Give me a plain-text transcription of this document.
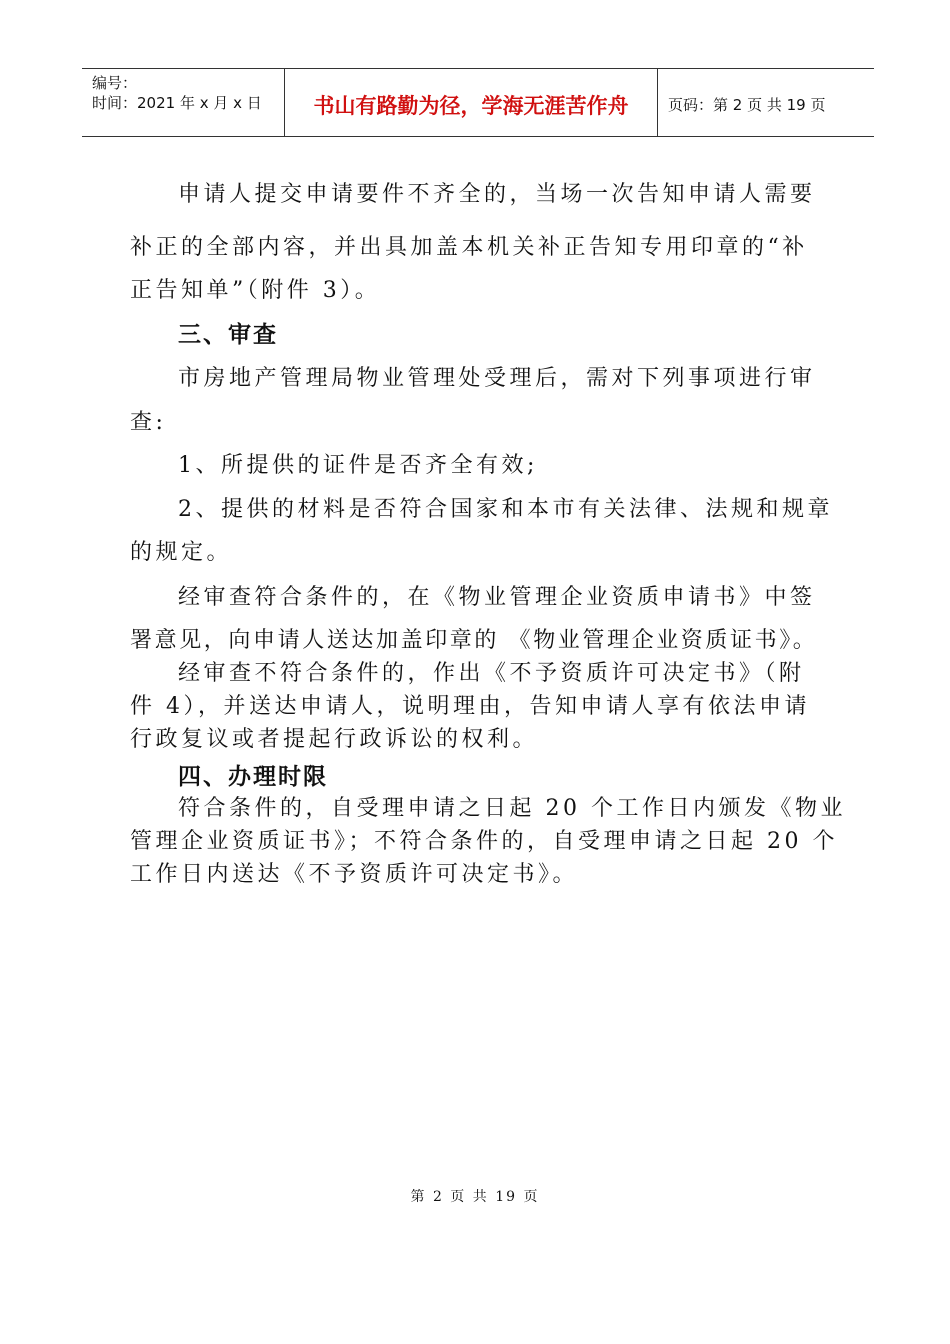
编号：
时间：2021 年 x 月 x 日	书山有路勤为径，学海无涯苦作舟	页码：第 2 页 共 19 页
申请人提交申请要件不齐全的，当场一次告知申请人需要
补正的全部内容，并出具加盖本机关补正告知专用印章的“补
正告知单”（附件 3）。
三、审查
市房地产管理局物业管理处受理后，需对下列事项进行审
查:
1、所提供的证件是否齐全有效;
2、提供的材料是否符合国家和本市有关法律、法规和规章
的规定。
经审查符合条件的，在《物业管理企业资质申请书》中签
署意见，向申请人送达加盖印章的 《物业管理企业资质证书》。
经审查不符合条件的，作出《不予资质许可决定书》（附
件 4），并送达申请人，说明理由，告知申请人享有依法申请
行政复议或者提起行政诉讼的权利。
四、办理时限
符合条件的，自受理申请之日起 20 个工作日内颁发《物业
管理企业资质证书》；不符合条件的，自受理申请之日起 20 个
工作日内送达《不予资质许可决定书》。
第 2 页 共 19 页
